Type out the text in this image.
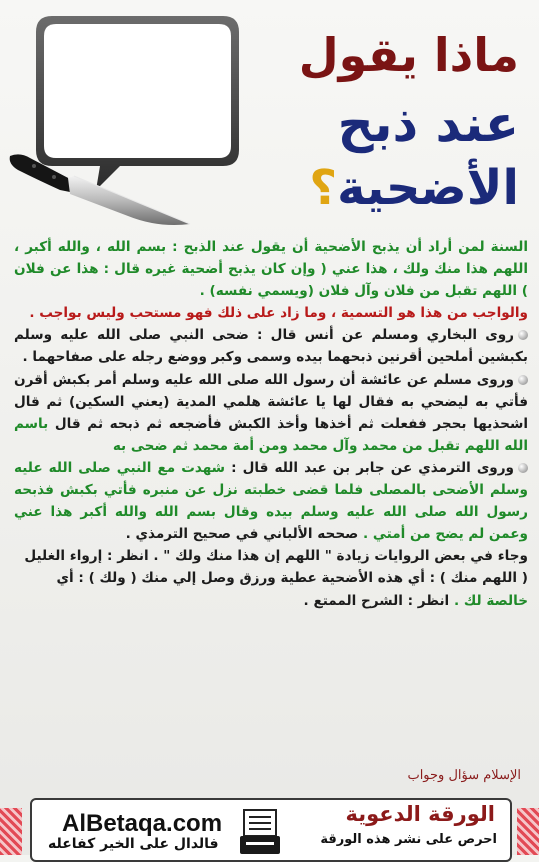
ماذا يقول
عند ذبح
الأضحية؟

السنة لمن أراد أن يذبح الأضحية أن يقول عند الذبح : بسم الله ، والله أكبر ، اللهم هذا منك ولك ، هذا عني ( وإن كان يذبح أضحية غيره قال : هذا عن فلان ) اللهم تقبل من فلان وآل فلان (ويسمي نفسه) .

والواجب من هذا هو التسمية ، وما زاد على ذلك فهو مستحب وليس بواجب .

روى البخاري ومسلم عن أنس قال : ضحى النبي صلى الله عليه وسلم بكبشين أملحين أقرنين ذبحهما بيده وسمى وكبر ووضع رجله على صفاحهما .

وروى مسلم عن عائشة أن رسول الله صلى الله عليه وسلم أمر بكبش أقرن فأتي به ليضحي به فقال لها يا عائشة هلمي المدية (يعني السكين) ثم قال اشحذيها بحجر ففعلت ثم أخذها وأخذ الكبش فأضجعه ثم ذبحه ثم قال باسم الله اللهم تقبل من محمد وآل محمد ومن أمة محمد ثم ضحى به

وروى الترمذي عن جابر بن عبد الله قال : شهدت مع النبي صلى الله عليه وسلم الأضحى بالمصلى فلما قضى خطبته نزل عن منبره فأتي بكبش فذبحه رسول الله صلى الله عليه وسلم بيده وقال بسم الله والله أكبر هذا عني وعمن لم يضح من أمتي . صححه الألباني في صحيح الترمذي .

وجاء في بعض الروايات زيادة " اللهم إن هذا منك ولك " . انظر : إرواء الغليل

( اللهم منك ) : أي هذه الأضحية عطية ورزق وصل إلي منك ( ولك ) : أي

خالصة لك . انظر : الشرح الممتع .

الإسلام سؤال وجواب
AlBetaqa.com
فالدال على الخير كفاعله
الورقة الدعوية
احرص على نشر هذه الورقة
